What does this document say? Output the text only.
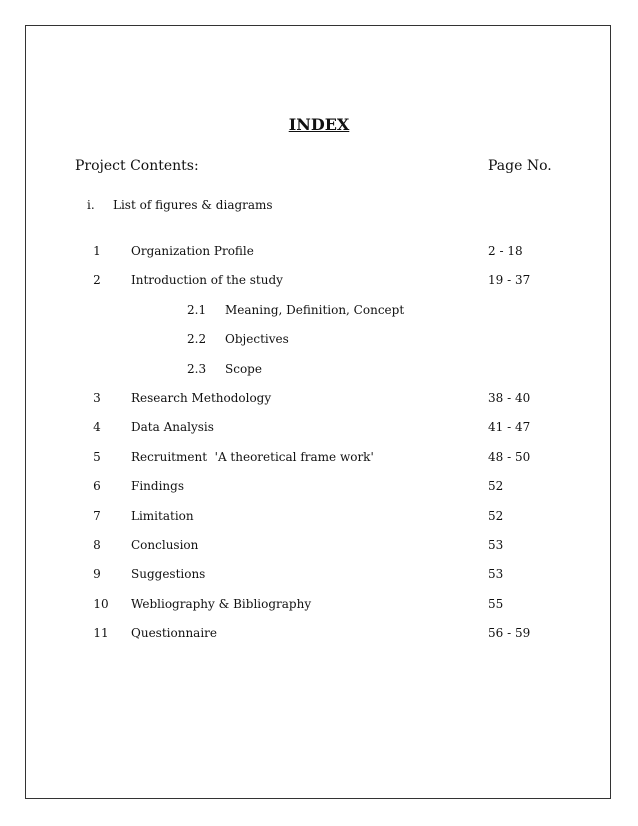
INDEX
Project Contents:	Page No.
i. List of figures & diagrams
1	Organization Profile	2 - 18
2	Introduction of the study	19 - 37
2.1 Meaning, Definition, Concept
2.2 Objectives
2.3 Scope
3	Research Methodology	38 - 40
4	Data Analysis	41 - 47
5	Recruitment  'A theoretical frame work'	48 - 50
6	Findings	52
7	Limitation	52
8	Conclusion	53
9	Suggestions	53
10	Webliography & Bibliography	55
11	Questionnaire	56 - 59
